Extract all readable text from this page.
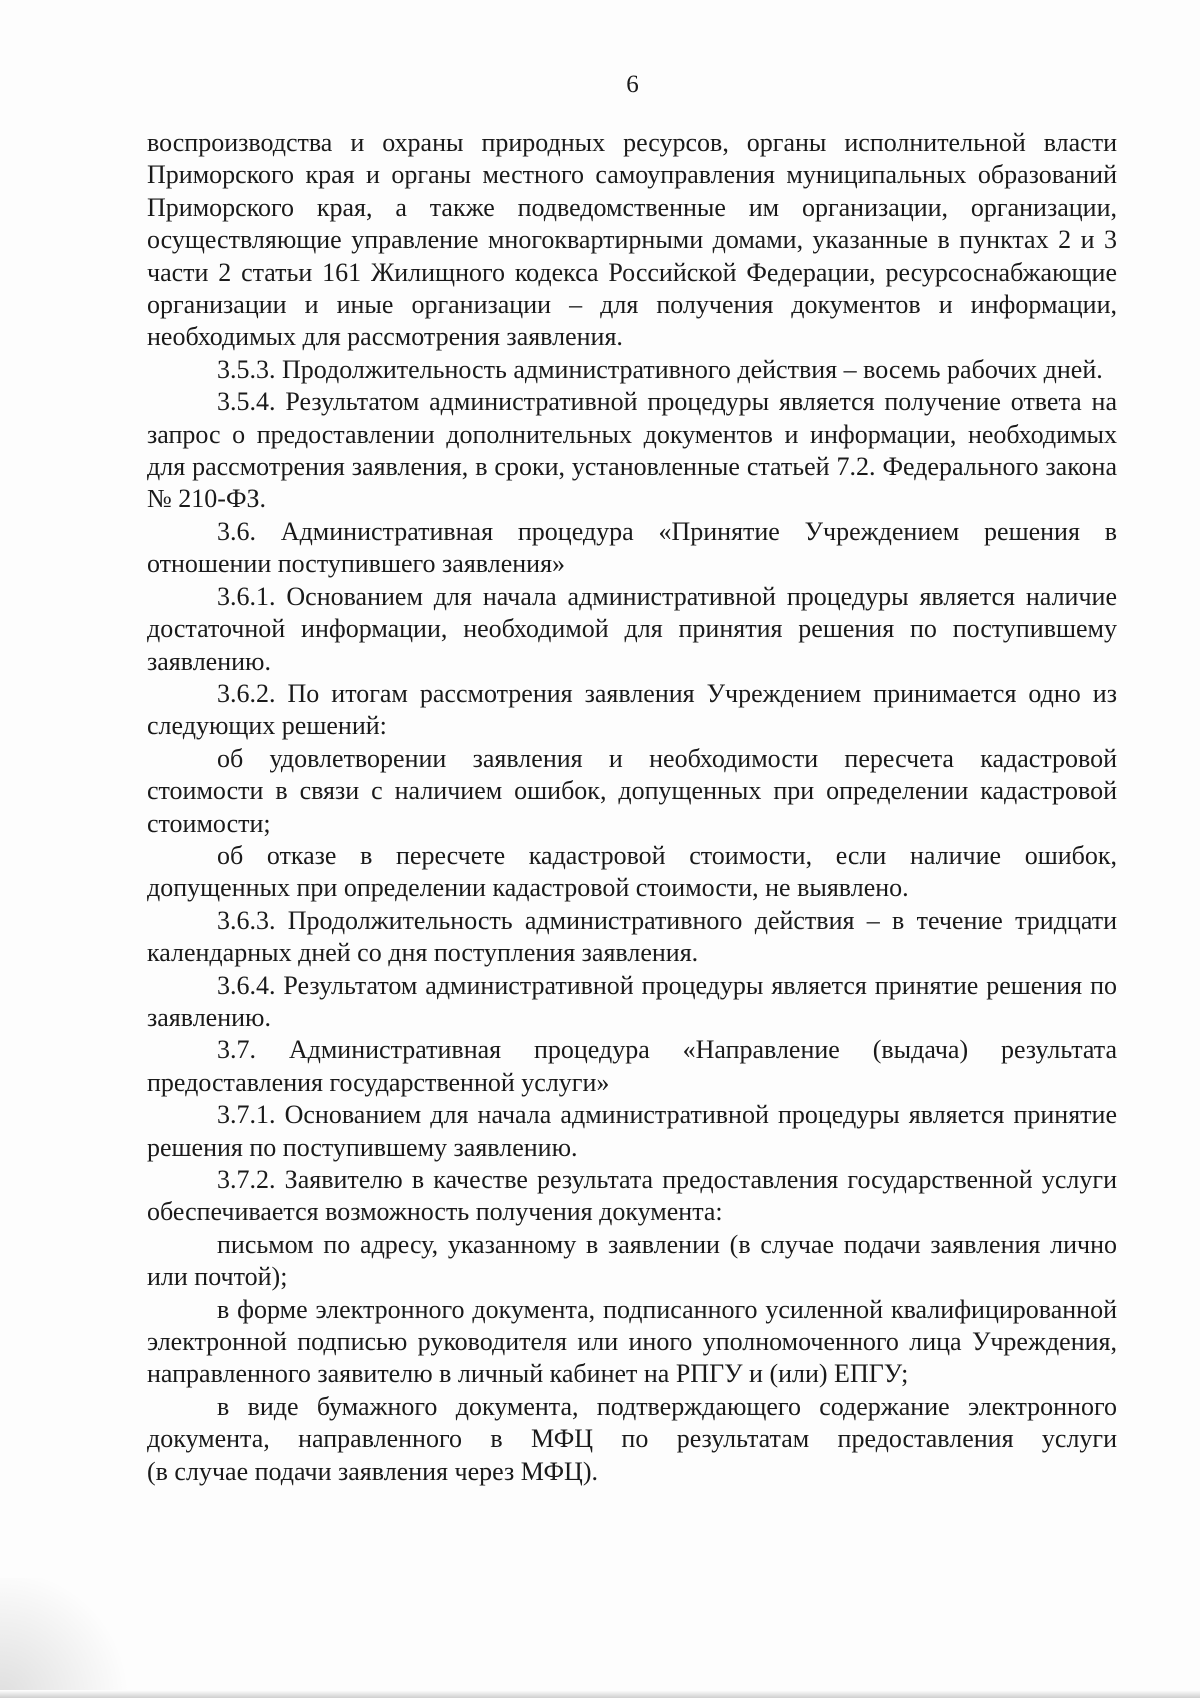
6

воспроизводства и охраны природных ресурсов, органы исполнительной власти Приморского края и органы местного самоуправления муниципальных образований Приморского края, а также подведомственные им организации, организации, осуществляющие управление многоквартирными домами, указанные в пунктах 2 и 3 части 2 статьи 161 Жилищного кодекса Российской Федерации, ресурсоснабжающие организации и иные организации – для получения документов и информации, необходимых для рассмотрения заявления.

3.5.3. Продолжительность административного действия – восемь рабочих дней.

3.5.4. Результатом административной процедуры является получение ответа на запрос о предоставлении дополнительных документов и информации, необходимых для рассмотрения заявления, в сроки, установленные статьей 7.2. Федерального закона № 210-ФЗ.

3.6. Административная процедура «Принятие Учреждением решения в отношении поступившего заявления»

3.6.1. Основанием для начала административной процедуры является наличие достаточной информации, необходимой для принятия решения по поступившему заявлению.

3.6.2. По итогам рассмотрения заявления Учреждением принимается одно из следующих решений:

об удовлетворении заявления и необходимости пересчета кадастровой стоимости в связи с наличием ошибок, допущенных при определении кадастровой стоимости;

об отказе в пересчете кадастровой стоимости, если наличие ошибок, допущенных при определении кадастровой стоимости, не выявлено.

3.6.3. Продолжительность административного действия – в течение тридцати календарных дней со дня поступления заявления.

3.6.4. Результатом административной процедуры является принятие решения по заявлению.

3.7. Административная процедура «Направление (выдача) результата предоставления государственной услуги»

3.7.1. Основанием для начала административной процедуры является принятие решения по поступившему заявлению.

3.7.2. Заявителю в качестве результата предоставления государственной услуги обеспечивается возможность получения документа:

письмом по адресу, указанному в заявлении (в случае подачи заявления лично или почтой);

в форме электронного документа, подписанного усиленной квалифицированной электронной подписью руководителя или иного уполномоченного лица Учреждения, направленного заявителю в личный кабинет на РПГУ и (или) ЕПГУ;

в виде бумажного документа, подтверждающего содержание электронного документа, направленного в МФЦ по результатам предоставления услуги

(в случае подачи заявления через МФЦ).
